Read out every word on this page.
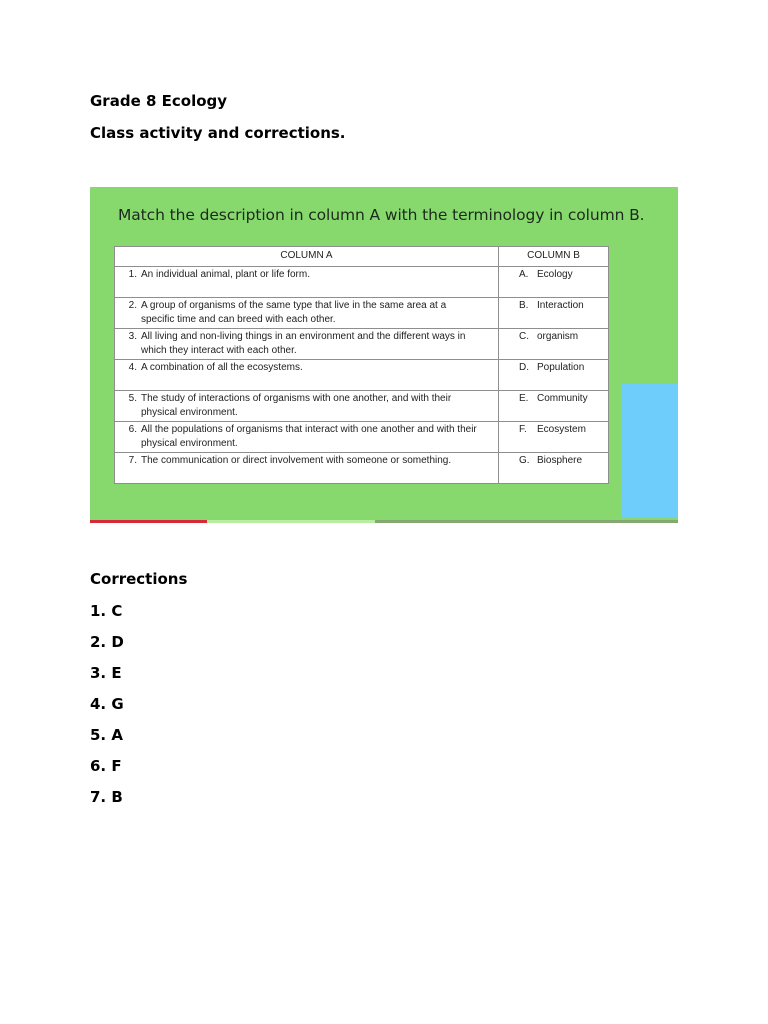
Grade 8 Ecology
Class activity and corrections.
Match the description in column A with the terminology in column B.
COLUMN A	COLUMN B
1. An individual animal, plant or life form.	A. Ecology
2. A group of organisms of the same type that live in the same area at a specific time and can breed with each other.	B. Interaction
3. All living and non-living things in an environment and the different ways in which they interact with each other.	C. organism
4. A combination of all the ecosystems.	D. Population
5. The study of interactions of organisms with one another, and with their physical environment.	E. Community
6. All the populations of organisms that interact with one another and with their physical environment.	F. Ecosystem
7. The communication or direct involvement with someone or something.	G. Biosphere
Corrections
1. C
2. D
3. E
4. G
5. A
6. F
7. B
